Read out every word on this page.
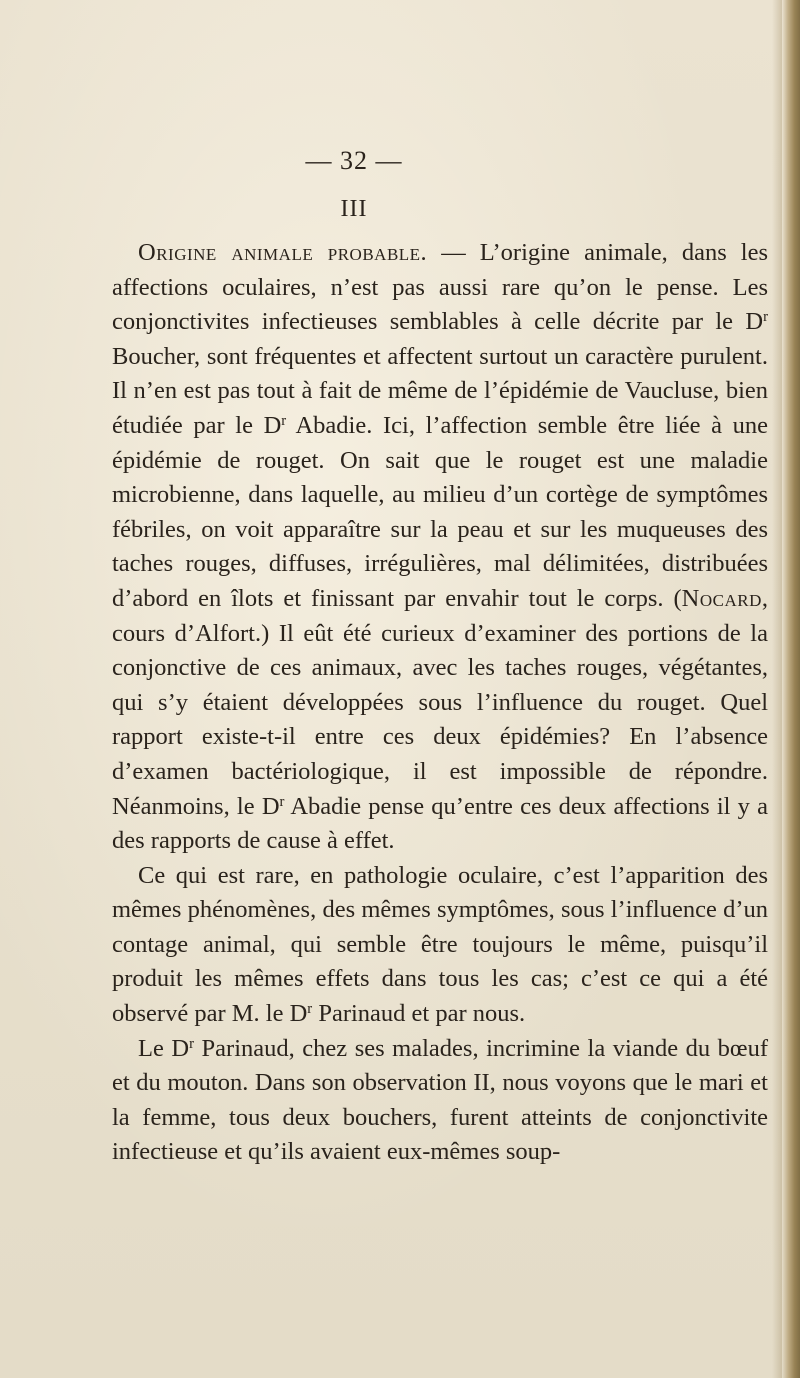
— 32 —
III

Origine animale probable. — L’origine animale, dans les affections oculaires, n’est pas aussi rare qu’on le pense. Les conjonctivites infectieuses semblables à celle décrite par le $D^r$ Boucher, sont fréquentes et affectent surtout un caractère purulent. Il n’en est pas tout à fait de même de l’épidémie de Vaucluse, bien étudiée par le $D^r$ Abadie. Ici, l’affection semble être liée à une épidémie de rouget. On sait que le rouget est une maladie microbienne, dans laquelle, au milieu d’un cortège de symptômes fébriles, on voit apparaître sur la peau et sur les muqueuses des taches rouges, diffuses, irrégulières, mal délimitées, distribuées d’abord en îlots et finissant par envahir tout le corps. (Nocard, cours d’Alfort.) Il eût été curieux d’examiner des portions de la conjonctive de ces animaux, avec les taches rouges, végétantes, qui s’y étaient développées sous l’influence du rouget. Quel rapport existe-t-il entre ces deux épidémies? En l’absence d’examen bactériologique, il est impossible de répondre. Néanmoins, le $D^r$ Abadie pense qu’entre ces deux affections il y a des rapports de cause à effet.

Ce qui est rare, en pathologie oculaire, c’est l’apparition des mêmes phénomènes, des mêmes symptômes, sous l’influence d’un contage animal, qui semble être toujours le même, puisqu’il produit les mêmes effets dans tous les cas; c’est ce qui a été observé par M. le $D^r$ Parinaud et par nous.

Le $D^r$ Parinaud, chez ses malades, incrimine la viande du bœuf et du mouton. Dans son observation II, nous voyons que le mari et la femme, tous deux bouchers, furent atteints de conjonctivite infectieuse et qu’ils avaient eux-mêmes soup-
